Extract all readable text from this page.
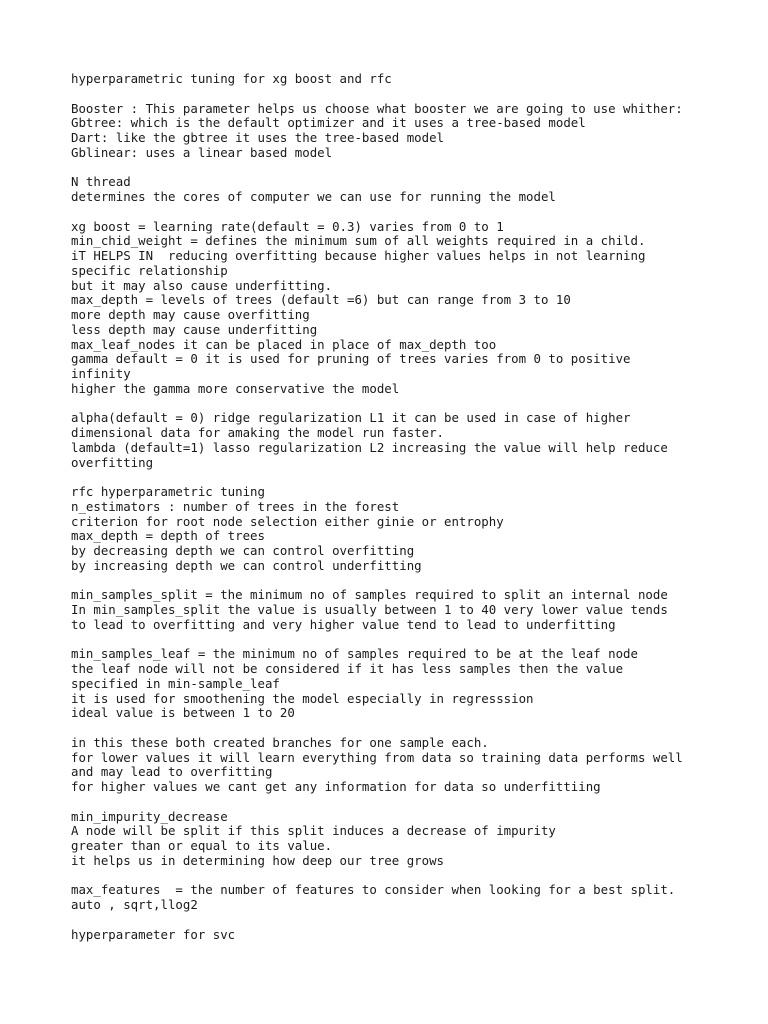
hyperparametric tuning for xg boost and rfc
Booster : This parameter helps us choose what booster we are going to use whither:
Gbtree: which is the default optimizer and it uses a tree-based model
Dart: like the gbtree it uses the tree-based model
Gblinear: uses a linear based model
N thread
determines the cores of computer we can use for running the model
xg boost = learning rate(default = 0.3) varies from 0 to 1
min_chid_weight = defines the minimum sum of all weights required in a child.
iT HELPS IN  reducing overfitting because higher values helps in not learning
specific relationship
but it may also cause underfitting.
max_depth = levels of trees (default =6) but can range from 3 to 10
more depth may cause overfitting
less depth may cause underfitting
max_leaf_nodes it can be placed in place of max_depth too
gamma default = 0 it is used for pruning of trees varies from 0 to positive
infinity
higher the gamma more conservative the model
alpha(default = 0) ridge regularization L1 it can be used in case of higher
dimensional data for amaking the model run faster.
lambda (default=1) lasso regularization L2 increasing the value will help reduce
overfitting
rfc hyperparametric tuning
n_estimators : number of trees in the forest
criterion for root node selection either ginie or entrophy
max_depth = depth of trees
by decreasing depth we can control overfitting
by increasing depth we can control underfitting
min_samples_split = the minimum no of samples required to split an internal node
In min_samples_split the value is usually between 1 to 40 very lower value tends
to lead to overfitting and very higher value tend to lead to underfitting
min_samples_leaf = the minimum no of samples required to be at the leaf node
the leaf node will not be considered if it has less samples then the value
specified in min-sample_leaf
it is used for smoothening the model especially in regresssion
ideal value is between 1 to 20
in this these both created branches for one sample each.
for lower values it will learn everything from data so training data performs well
and may lead to overfitting
for higher values we cant get any information for data so underfittiing
min_impurity_decrease
A node will be split if this split induces a decrease of impurity
greater than or equal to its value.
it helps us in determining how deep our tree grows
max_features  = the number of features to consider when looking for a best split.
auto , sqrt,llog2
hyperparameter for svc
